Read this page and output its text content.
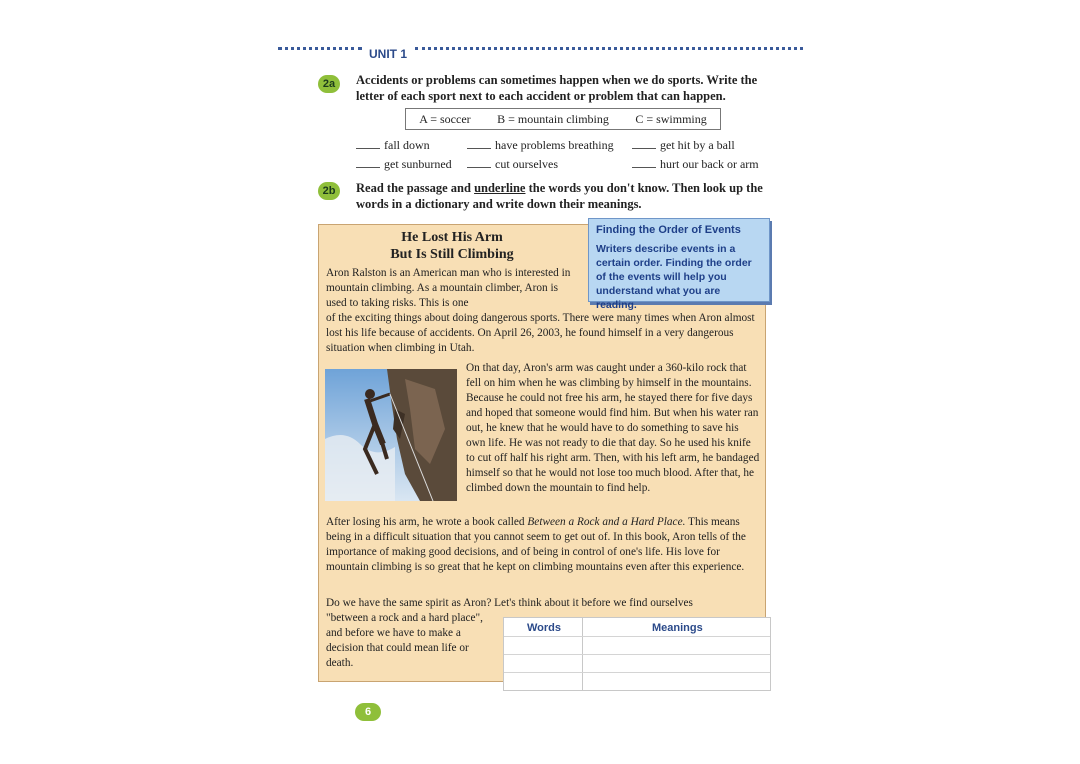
UNIT 1
2a	Accidents or problems can sometimes happen when we do sports. Write the letter of each sport next to each accident or problem that can happen.
A = soccer B = mountain climbing C = swimming
fall down	have problems breathing	get hit by a ball
get sunburned	cut ourselves	hurt our back or arm
2b	Read the passage and underline the words you don't know. Then look up the words in a dictionary and write down their meanings.
He Lost His Arm
But Is Still Climbing
Aron Ralston is an American man who is interested in mountain climbing. As a mountain climber, Aron is used to taking risks. This is one
of the exciting things about doing dangerous sports. There were many times when Aron almost lost his life because of accidents. On April 26, 2003, he found himself in a very dangerous situation when climbing in Utah.
On that day, Aron's arm was caught under a 360-kilo rock that fell on him when he was climbing by himself in the mountains. Because he could not free his arm, he stayed there for five days and hoped that someone would find him. But when his water ran out, he knew that he would have to do something to save his own life. He was not ready to die that day. So he used his knife to cut off half his right arm. Then, with his left arm, he bandaged himself so that he would not lose too much blood. After that, he climbed down the mountain to find help.
After losing his arm, he wrote a book called Between a Rock and a Hard Place. This means being in a difficult situation that you cannot seem to get out of. In this book, Aron tells of the importance of making good decisions, and of being in control of one's life. His love for mountain climbing is so great that he kept on climbing mountains even after this experience.
Do we have the same spirit as Aron? Let's think about it before we find ourselves
"between a rock and a hard place", and before we have to make a decision that could mean life or death.
Finding the Order of Events
Writers describe events in a certain order. Finding the order of the events will help you understand what you are reading.
Words	Meanings
6
